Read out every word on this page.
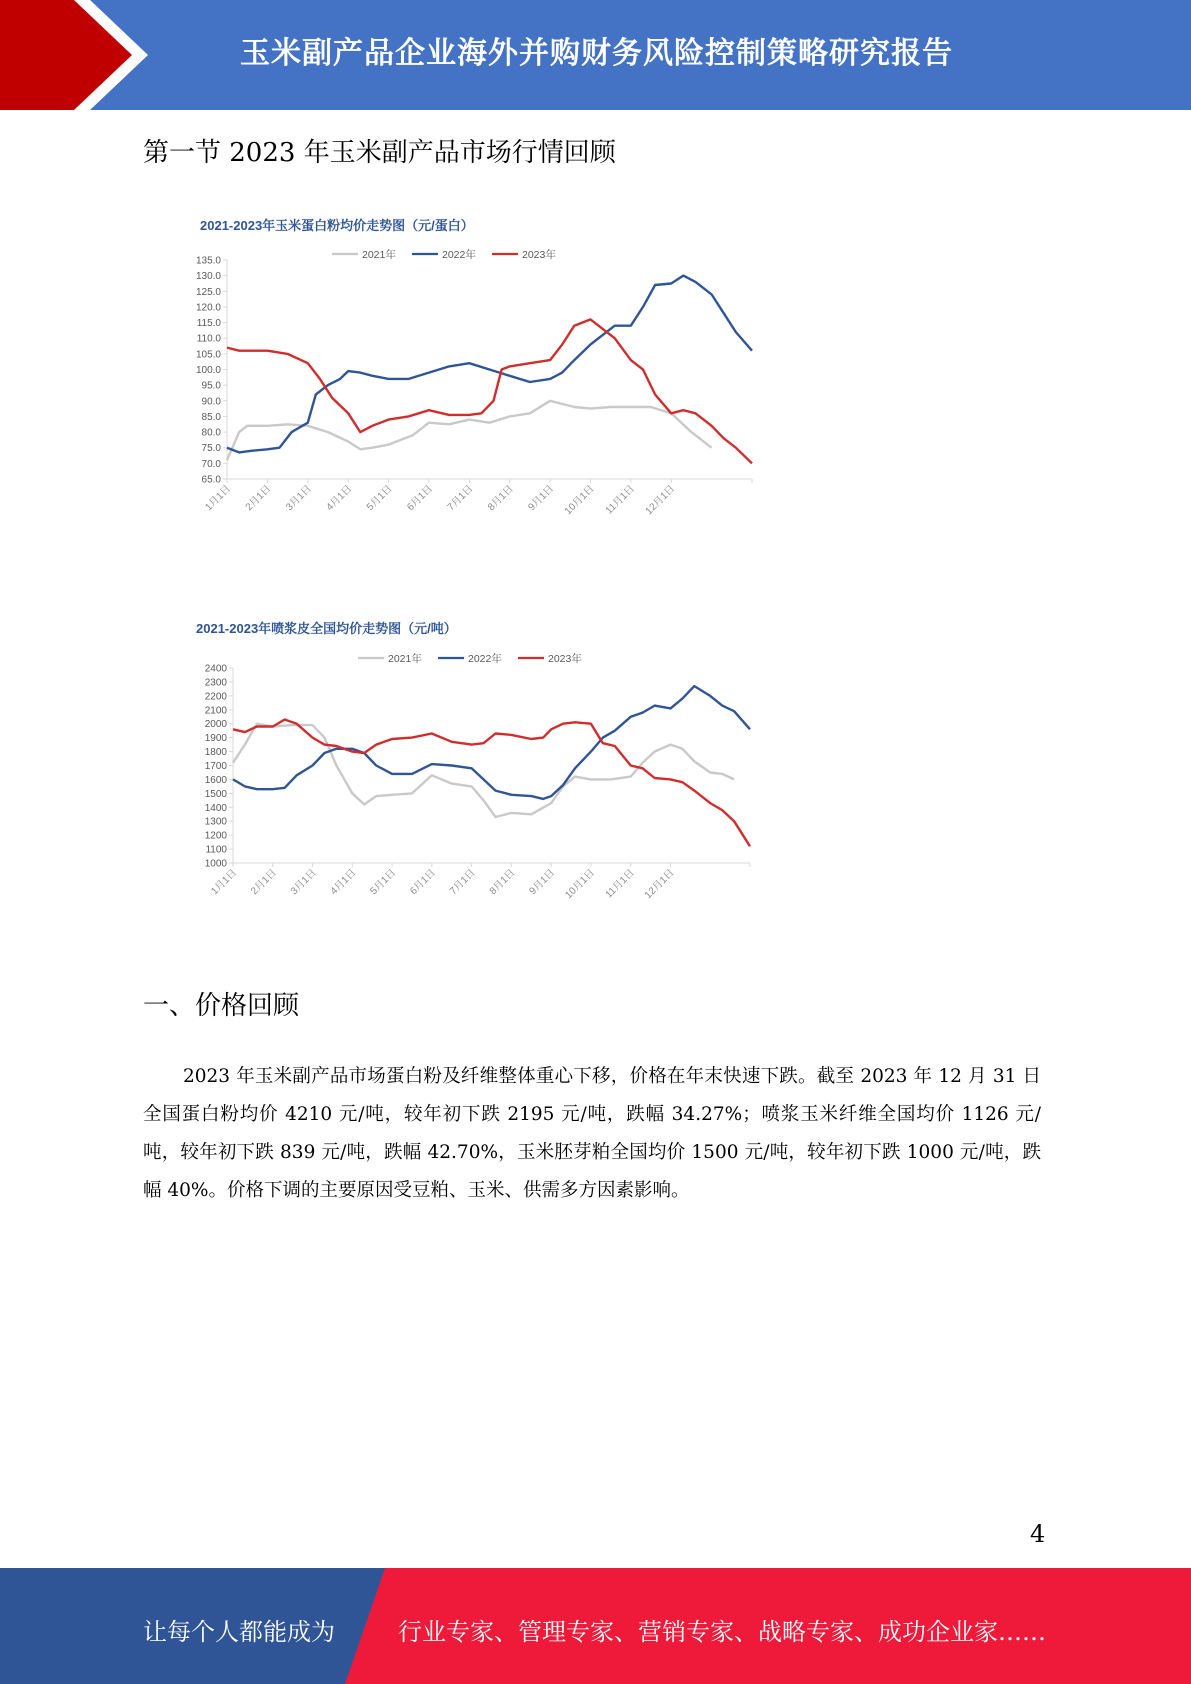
玉米副产品企业海外并购财务风险控制策略研究报告
第一节 2023 年玉米副产品市场行情回顾
2021-2023年玉米蛋白粉均价走势图（元/蛋白）
2021年	2022年	2023年
65.0
70.0
75.0
80.0
85.0
90.0
95.0
100.0
105.0
110.0
115.0
120.0
125.0
130.0
135.0
1月1日 2月1日 3月1日 4月1日 5月1日 6月1日 7月1日 8月1日 9月1日 10月1日 11月1日 12月1日
2021-2023年喷浆皮全国均价走势图（元/吨）
2021年	2022年	2023年
1000
1100
1200
1300
1400
1500
1600
1700
1800
1900
2000
2100
2200
2300
2400
1月1日 2月1日 3月1日 4月1日 5月1日 6月1日 7月1日 8月1日 9月1日 10月1日 11月1日 12月1日
一、价格回顾
2023 年玉米副产品市场蛋白粉及纤维整体重心下移，价格在年末快速下跌。截至 2023 年 12 月 31 日全国蛋白粉均价 4210 元/吨，较年初下跌 2195 元/吨，跌幅 34.27%；喷浆玉米纤维全国均价 1126 元/吨，较年初下跌 839 元/吨，跌幅 42.70%，玉米胚芽粕全国均价 1500 元/吨，较年初下跌 1000 元/吨，跌幅 40%。价格下调的主要原因受豆粕、玉米、供需多方因素影响。
4
让每个人都能成为	行业专家、管理专家、营销专家、战略专家、成功企业家……
